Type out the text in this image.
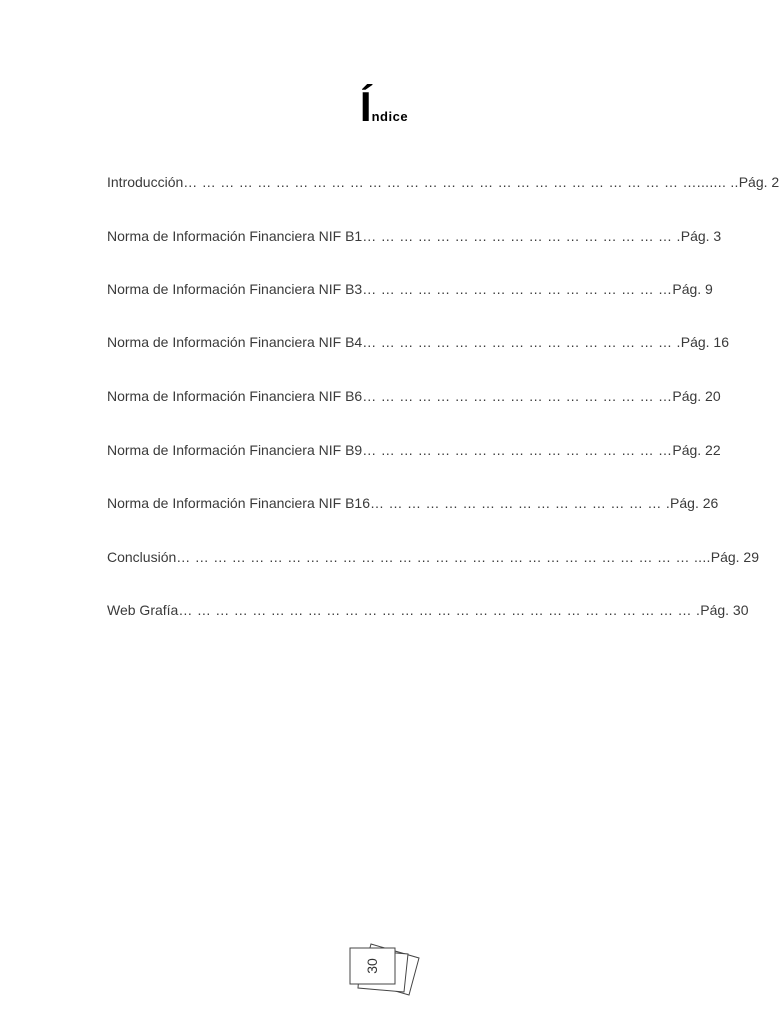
Índice
Introducción… … … … … … … … … … … … … … … … … … … … … … … … … … … …....... ..Pág. 2
Norma de Información Financiera NIF B1… … … … … … … … … … … … … … … … … .Pág. 3
Norma de Información Financiera NIF B3… … … … … … … … … … … … … … … … …Pág. 9
Norma de Información Financiera NIF B4… … … … … … … … … … … … … … … … … .Pág. 16
Norma de Información Financiera NIF B6… … … … … … … … … … … … … … … … …Pág. 20
Norma de Información Financiera NIF B9… … … … … … … … … … … … … … … … …Pág. 22
Norma de Información Financiera NIF B16… … … … … … … … … … … … … … … … .Pág. 26
Conclusión… … … … … … … … … … … … … … … … … … … … … … … … … … … … ....Pág. 29
Web Grafía… … … … … … … … … … … … … … … … … … … … … … … … … … … … .Pág. 30
30
